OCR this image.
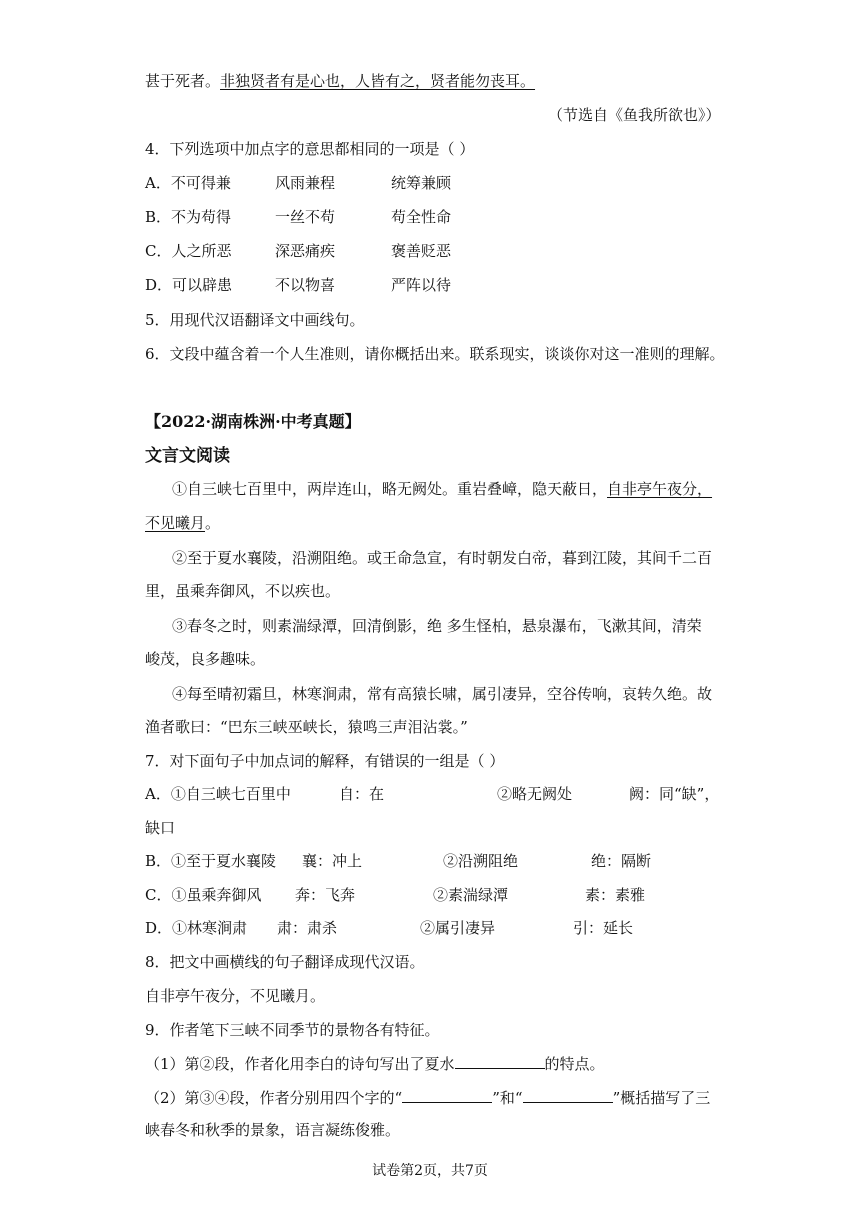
甚于死者。非独贤者有是心也，人皆有之，贤者能勿丧耳。
（节选自《鱼我所欲也》）
4．下列选项中加点字的意思都相同的一项是（ ）
A．不可得兼	风雨兼程	统筹兼顾
B．不为苟得	一丝不苟	苟全性命
C．人之所恶	深恶痛疾	褒善贬恶
D．可以辟患	不以物喜	严阵以待
5．用现代汉语翻译文中画线句。
6．文段中蕴含着一个人生准则，请你概括出来。联系现实，谈谈你对这一准则的理解。
【2022·湖南株洲·中考真题】
文言文阅读
①自三峡七百里中，两岸连山，略无阙处。重岩叠嶂，隐天蔽日，自非亭午夜分，
不见曦月。
②至于夏水襄陵，沿溯阻绝。或王命急宣，有时朝发白帝，暮到江陵，其间千二百
里，虽乘奔御风，不以疾也。
③春冬之时，则素湍绿潭，回清倒影，绝 多生怪柏，悬泉瀑布，飞漱其间，清荣
峻茂，良多趣味。
④每至晴初霜旦，林寒涧肃，常有高猿长啸，属引凄异，空谷传响，哀转久绝。故
渔者歌曰：“巴东三峡巫峡长，猿鸣三声泪沾裳。”
7．对下面句子中加点词的解释，有错误的一组是（ ）
A．①自三峡七百里中	自：在	②略无阙处	阙：同“缺”，
缺口
B．①至于夏水襄陵 襄：冲上	②沿溯阻绝	绝：隔断
C．①虽乘奔御风 奔：飞奔	②素湍绿潭	素：素雅
D．①林寒涧肃 肃：肃杀	②属引凄异	引：延长
8．把文中画横线的句子翻译成现代汉语。
自非亭午夜分，不见曦月。
9．作者笔下三峡不同季节的景物各有特征。
（1）第②段，作者化用李白的诗句写出了夏水	的特点。
（2）第③④段，作者分别用四个字的“	”和“	”概括描写了三
峡春冬和秋季的景象，语言凝练俊雅。
试卷第2页，共7页
